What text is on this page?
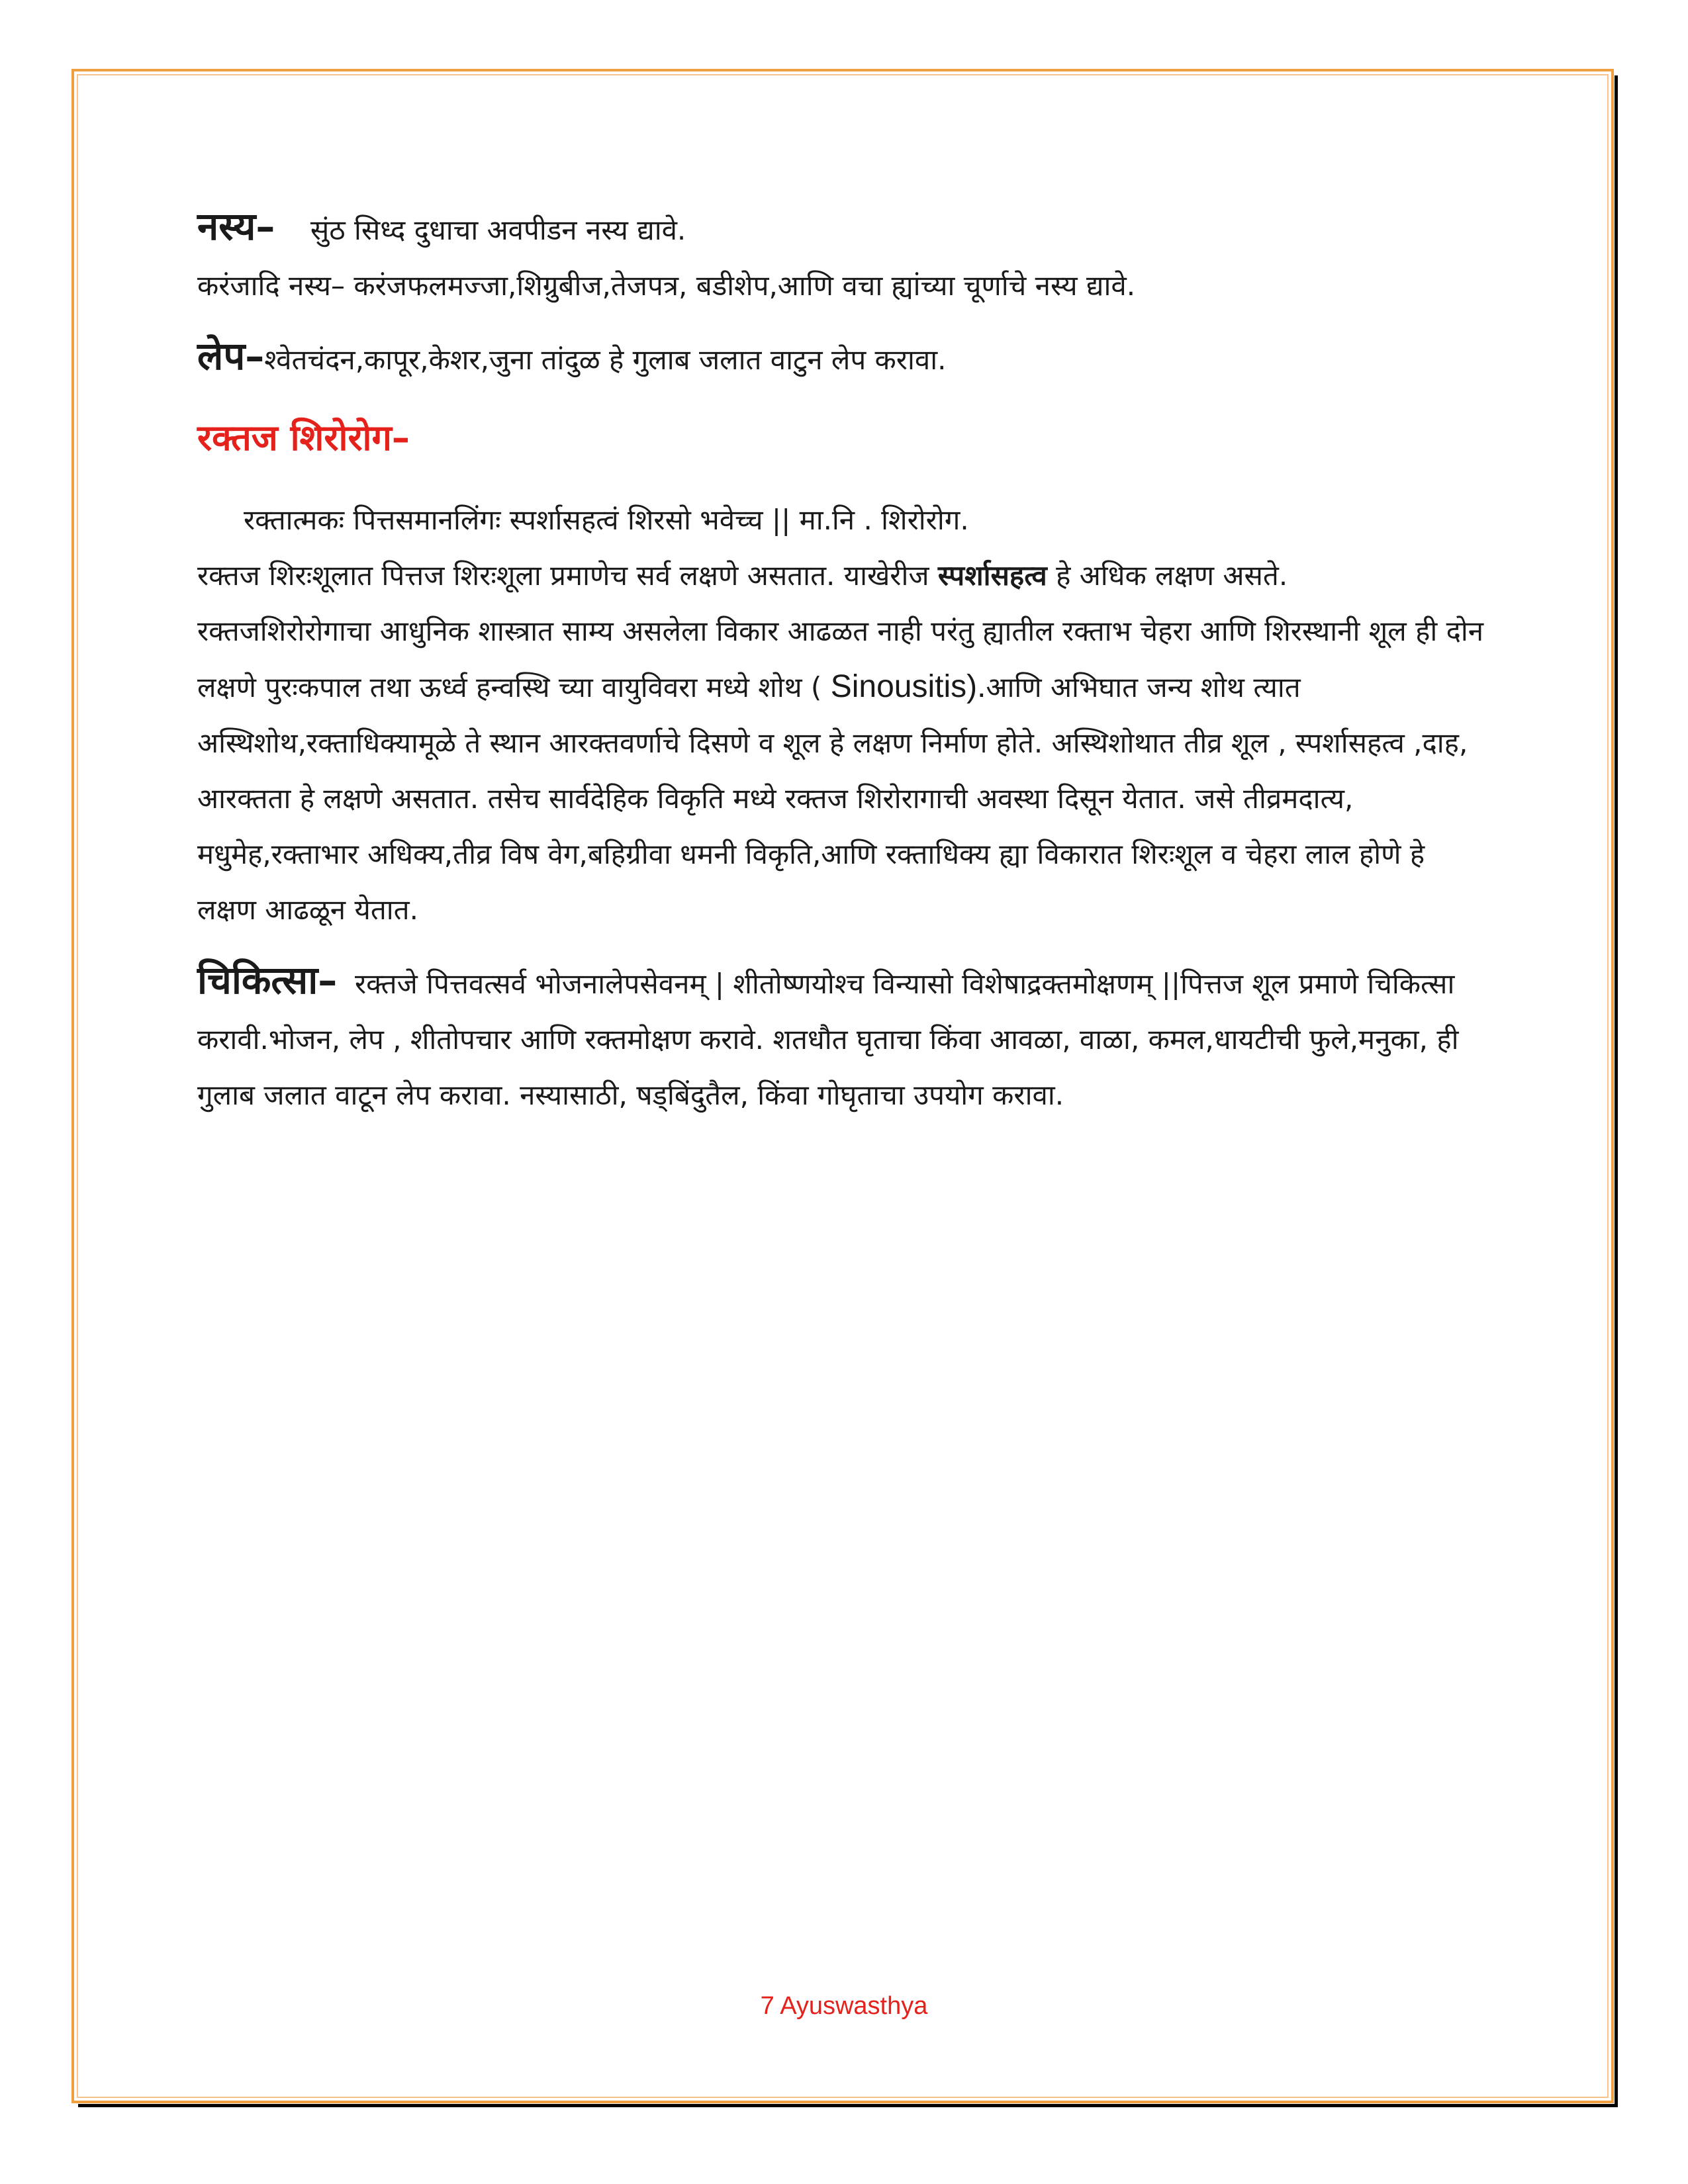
नस्य– सुंठ सिध्द दुधाचा अवपीडन नस्य द्यावे.

करंजादि नस्य– करंजफलमज्जा,शिग्रुबीज,तेजपत्र, बडीशेप,आणि वचा ह्यांच्या चूर्णाचे नस्य द्यावे.

लेप–श्वेतचंदन,कापूर,केशर,जुना तांदुळ हे गुलाब जलात वाटुन लेप करावा.

रक्तज शिरोरोग–

रक्तात्मकः पित्तसमानलिंगः स्पर्शासहत्वं शिरसो भवेच्च || मा.नि . शिरोरोग.

रक्तज शिरःशूलात पित्तज शिरःशूला प्रमाणेच सर्व लक्षणे असतात. याखेरीज स्पर्शासहत्व हे अधिक लक्षण असते.

रक्तजशिरोरोगाचा आधुनिक शास्त्रात साम्य असलेला विकार आढळत नाही परंतु ह्यातील रक्ताभ चेहरा आणि शिरस्थानी शूल ही दोन लक्षणे पुरःकपाल तथा ऊर्ध्व हन्वस्थि च्या वायुविवरा मध्ये शोथ ( Sinousitis).आणि अभिघात जन्य शोथ त्यात अस्थिशोथ,रक्ताधिक्यामूळे ते स्थान आरक्तवर्णाचे दिसणे व शूल हे लक्षण निर्माण होते. अस्थिशोथात तीव्र शूल , स्पर्शासहत्व ,दाह, आरक्तता हे लक्षणे असतात. तसेच सार्वदेहिक विकृति मध्ये रक्तज शिरोरागाची अवस्था दिसून येतात. जसे तीव्रमदात्य, मधुमेह,रक्ताभार अधिक्य,तीव्र विष वेग,बहिग्रीवा धमनी विकृति,आणि रक्ताधिक्य ह्या विकारात शिरःशूल व चेहरा लाल होणे हे लक्षण आढळून येतात.

चिकित्सा– रक्तजे पित्तवत्सर्व भोजनालेपसेवनम् | शीतोष्णयोश्च विन्यासो विशेषाद्रक्तमोक्षणम् ||पित्तज शूल प्रमाणे चिकित्सा करावी.भोजन, लेप , शीतोपचार आणि रक्तमोक्षण करावे. शतधौत घृताचा किंवा आवळा, वाळा, कमल,धायटीची फुले,मनुका, ही गुलाब जलात वाटून लेप करावा. नस्यासाठी, षड्बिंदुतैल, किंवा गोघृताचा उपयोग करावा.

7 Ayuswasthya
